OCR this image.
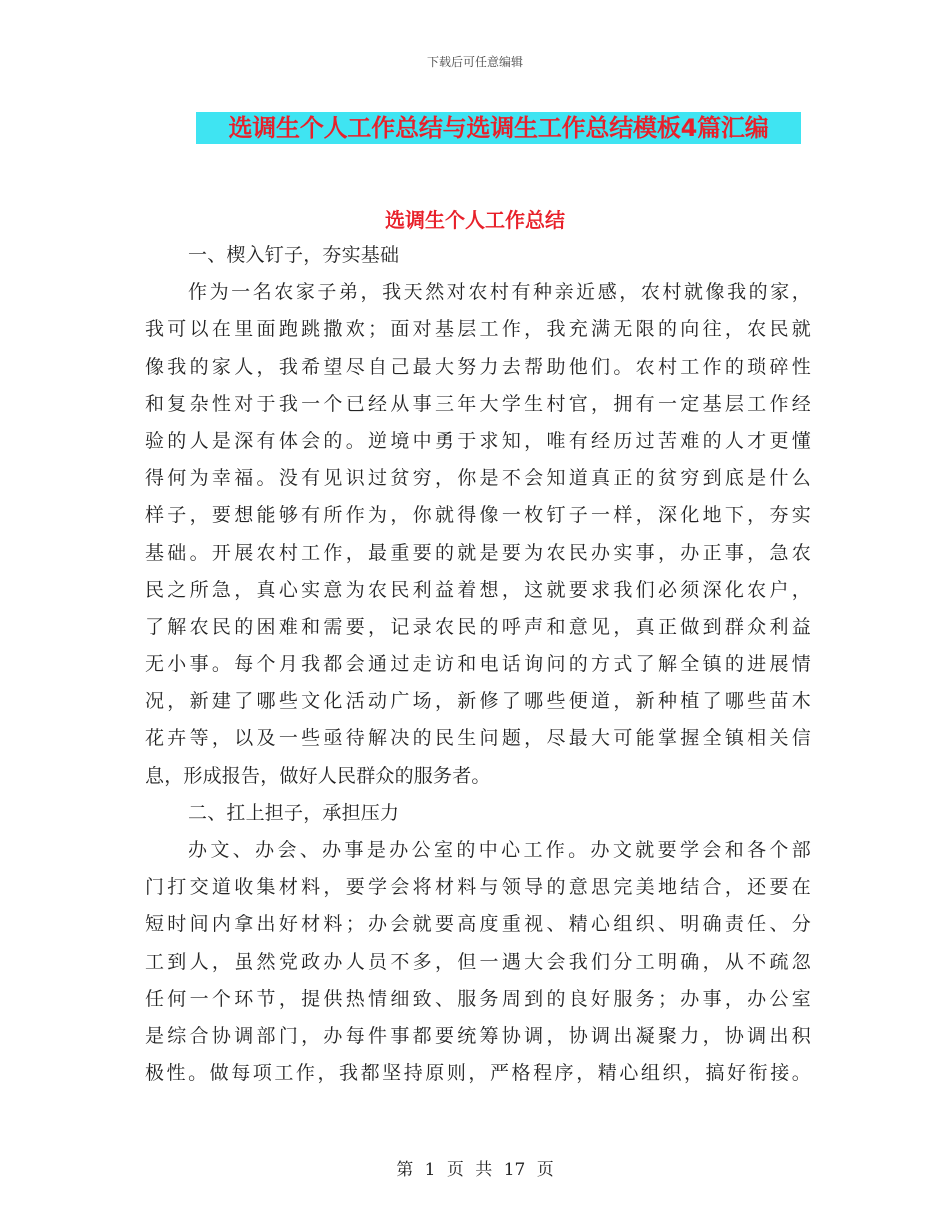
下载后可任意编辑
选调生个人工作总结与选调生工作总结模板4篇汇编
选调生个人工作总结
一、楔入钉子，夯实基础
作为一名农家子弟，我天然对农村有种亲近感，农村就像我的家，
我可以在里面跑跳撒欢；面对基层工作，我充满无限的向往，农民就
像我的家人，我希望尽自己最大努力去帮助他们。农村工作的琐碎性
和复杂性对于我一个已经从事三年大学生村官，拥有一定基层工作经
验的人是深有体会的。逆境中勇于求知，唯有经历过苦难的人才更懂
得何为幸福。没有见识过贫穷，你是不会知道真正的贫穷到底是什么
样子，要想能够有所作为，你就得像一枚钉子一样，深化地下，夯实
基础。开展农村工作，最重要的就是要为农民办实事，办正事，急农
民之所急，真心实意为农民利益着想，这就要求我们必须深化农户，
了解农民的困难和需要，记录农民的呼声和意见，真正做到群众利益
无小事。每个月我都会通过走访和电话询问的方式了解全镇的进展情
况，新建了哪些文化活动广场，新修了哪些便道，新种植了哪些苗木
花卉等，以及一些亟待解决的民生问题，尽最大可能掌握全镇相关信
息，形成报告，做好人民群众的服务者。
二、扛上担子，承担压力
办文、办会、办事是办公室的中心工作。办文就要学会和各个部
门打交道收集材料，要学会将材料与领导的意思完美地结合，还要在
短时间内拿出好材料；办会就要高度重视、精心组织、明确责任、分
工到人，虽然党政办人员不多，但一遇大会我们分工明确，从不疏忽
任何一个环节，提供热情细致、服务周到的良好服务；办事，办公室
是综合协调部门，办每件事都要统筹协调，协调出凝聚力，协调出积
极性。做每项工作，我都坚持原则，严格程序，精心组织，搞好衔接。
第 1 页 共 17 页
